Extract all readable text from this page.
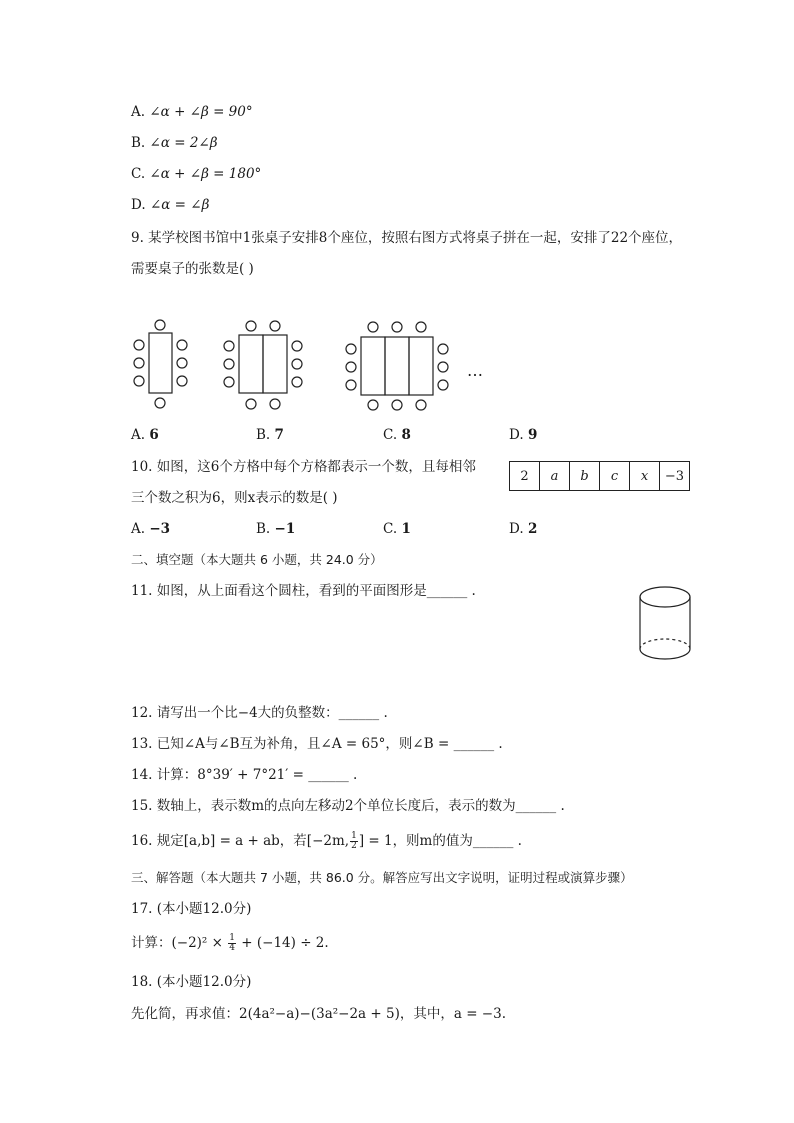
A. ∠α + ∠β = 90°
B. ∠α = 2∠β
C. ∠α + ∠β = 180°
D. ∠α = ∠β
9. 某学校图书馆中1张桌子安排8个座位，按照右图方式将桌子拼在一起，安排了22个座位，
需要桌子的张数是( )
…
A. 6	B. 7	C. 8	D. 9
10. 如图，这6个方格中每个方格都表示一个数，且每相邻
三个数之积为6，则x表示的数是( )
2	a	b	c	x	−3
A. −3	B. −1	C. 1	D. 2
二、填空题（本大题共 6 小题，共 24.0 分）
11. 如图，从上面看这个圆柱，看到的平面图形是______ .
12. 请写出一个比−4大的负整数：______ .
13. 已知∠A与∠B互为补角，且∠A = 65°，则∠B = ______ .
14. 计算：8°39′ + 7°21′ = ______ .
15. 数轴上，表示数m的点向左移动2个单位长度后，表示的数为______ .
16. 规定[a,b] = a + ab，若[−2m, $\frac{1}{2}$ ] = 1，则m的值为______ .
三、解答题（本大题共 7 小题，共 86.0 分。解答应写出文字说明，证明过程或演算步骤）
17. (本小题12.0分)
计算：$(-2)^2 \times \frac{1}{4} + (-14) \div 2$.
18. (本小题12.0分)
先化简，再求值：2(4a²−a)−(3a²−2a + 5)，其中，a = −3.
